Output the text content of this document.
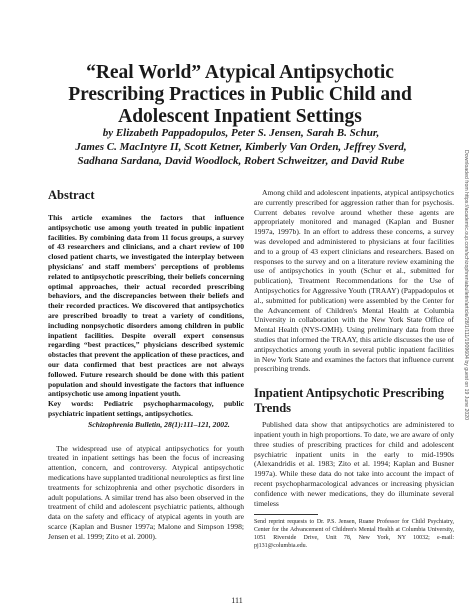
“Real World” Atypical Antipsychotic
Prescribing Practices in Public Child and
Adolescent Inpatient Settings
by Elizabeth Pappadopulos, Peter S. Jensen, Sarah B. Schur,
James C. MacIntyre II, Scott Ketner, Kimberly Van Orden, Jeffrey Sverd,
Sadhana Sardana, David Woodlock, Robert Schweitzer, and David Rube
Abstract

This article examines the factors that influence antipsychotic use among youth treated in public inpatient facilities. By combining data from 11 focus groups, a survey of 43 researchers and clinicians, and a chart review of 100 closed patient charts, we investigated the interplay between physicians' and staff members' perceptions of problems related to antipsychotic prescribing, their beliefs concerning optimal approaches, their actual recorded prescribing behaviors, and the discrepancies between their beliefs and their recorded practices. We discovered that antipsychotics are prescribed broadly to treat a variety of conditions, including nonpsychotic disorders among children in public inpatient facilities. Despite overall expert consensus regarding “best practices,” physicians described systemic obstacles that prevent the application of these practices, and our data confirmed that best practices are not always followed. Future research should be done with this patient population and should investigate the factors that influence antipsychotic use among inpatient youth.

Key words: Pediatric psychopharmacology, public psychiatric inpatient settings, antipsychotics.

Schizophrenia Bulletin, 28(1):111–121, 2002.

The widespread use of atypical antipsychotics for youth treated in inpatient settings has been the focus of increasing attention, concern, and controversy. Atypical antipsychotic medications have supplanted traditional neuroleptics as first line treatments for schizophrenia and other psychotic disorders in adult populations. A similar trend has also been observed in the treatment of child and adolescent psychiatric patients, although data on the safety and efficacy of atypical agents in youth are scarce (Kaplan and Busner 1997a; Malone and Simpson 1998; Jensen et al. 1999; Zito et al. 2000).

Among child and adolescent inpatients, atypical antipsychotics are currently prescribed for aggression rather than for psychosis. Current debates revolve around whether these agents are appropriately monitored and managed (Kaplan and Busner 1997a, 1997b). In an effort to address these concerns, a survey was developed and administered to physicians at four facilities and to a group of 43 expert clinicians and researchers. Based on responses to the survey and on a literature review examining the use of antipsychotics in youth (Schur et al., submitted for publication), Treatment Recommendations for the Use of Antipsychotics for Aggressive Youth (TRAAY) (Pappadopulos et al., submitted for publication) were assembled by the Center for the Advancement of Children's Mental Health at Columbia University in collaboration with the New York State Office of Mental Health (NYS-OMH). Using preliminary data from three studies that informed the TRAAY, this article discusses the use of antipsychotics among youth in several public inpatient facilities in New York State and examines the factors that influence current prescribing trends.

Inpatient Antipsychotic Prescribing Trends

Published data show that antipsychotics are administered to inpatient youth in high proportions. To date, we are aware of only three studies of prescribing practices for child and adolescent psychiatric inpatient units in the early to mid-1990s (Alexandridis et al. 1983; Zito et al. 1994; Kaplan and Busner 1997a). While these data do not take into account the impact of recent psychopharmacological advances or increasing physician confidence with newer medications, they do illuminate several timeless

Send reprint requests to Dr. P.S. Jensen, Ruane Professor for Child Psychiatry, Center for the Advancement of Children's Mental Health at Columbia University, 1051 Riverside Drive, Unit 78, New York, NY 10032; e-mail: pj131@columbia.edu.

Downloaded from https://academic.oup.com/schizophreniabulletin/article/28/1/111/1909604 by guest on 19 June 2020
111
